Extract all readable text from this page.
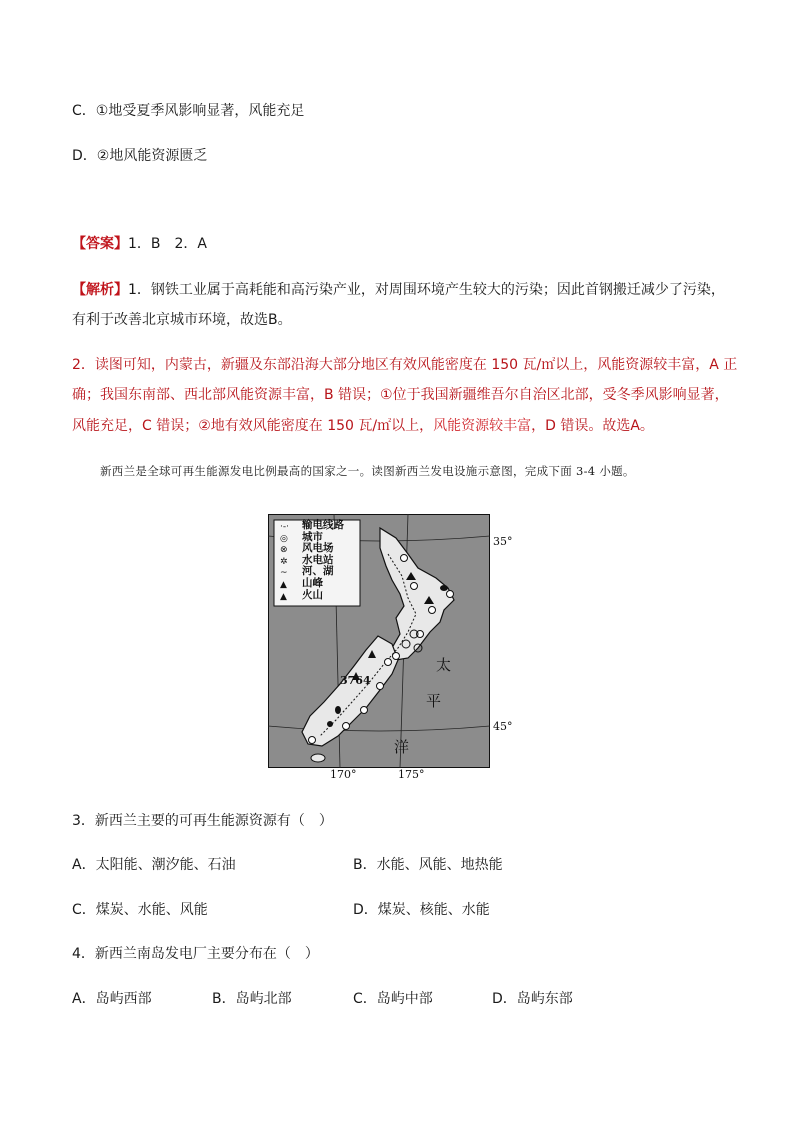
C．①地受夏季风影响显著，风能充足
D．②地风能资源匮乏
【答案】1．B　2．A
【解析】1．钢铁工业属于高耗能和高污染产业，对周围环境产生较大的污染；因此首钢搬迁减少了污染，
有利于改善北京城市环境，故选B。
2．读图可知，内蒙古，新疆及东部沿海大部分地区有效风能密度在 150 瓦/㎡以上，风能资源较丰富，A 正
确；我国东南部、西北部风能资源丰富，B 错误；①位于我国新疆维吾尔自治区北部，受冬季风影响显著，
风能充足，C 错误；②地有效风能密度在 150 瓦/㎡以上，风能资源较丰富，D 错误。故选A。
新西兰是全球可再生能源发电比例最高的国家之一。读图新西兰发电设施示意图，完成下面 3-4 小题。
输电线路
城市
风电场
水电站
河、湖
山峰
火山
·-·
◎
⊗
✲
~
▲
▲
3764
35°
45°
太
平
洋
170°	175°
3．新西兰主要的可再生能源资源有（　）
A．太阳能、潮汐能、石油	B．水能、风能、地热能
C．煤炭、水能、风能	D．煤炭、核能、水能
4．新西兰南岛发电厂主要分布在（　）
A．岛屿西部	B．岛屿北部	C．岛屿中部	D．岛屿东部
